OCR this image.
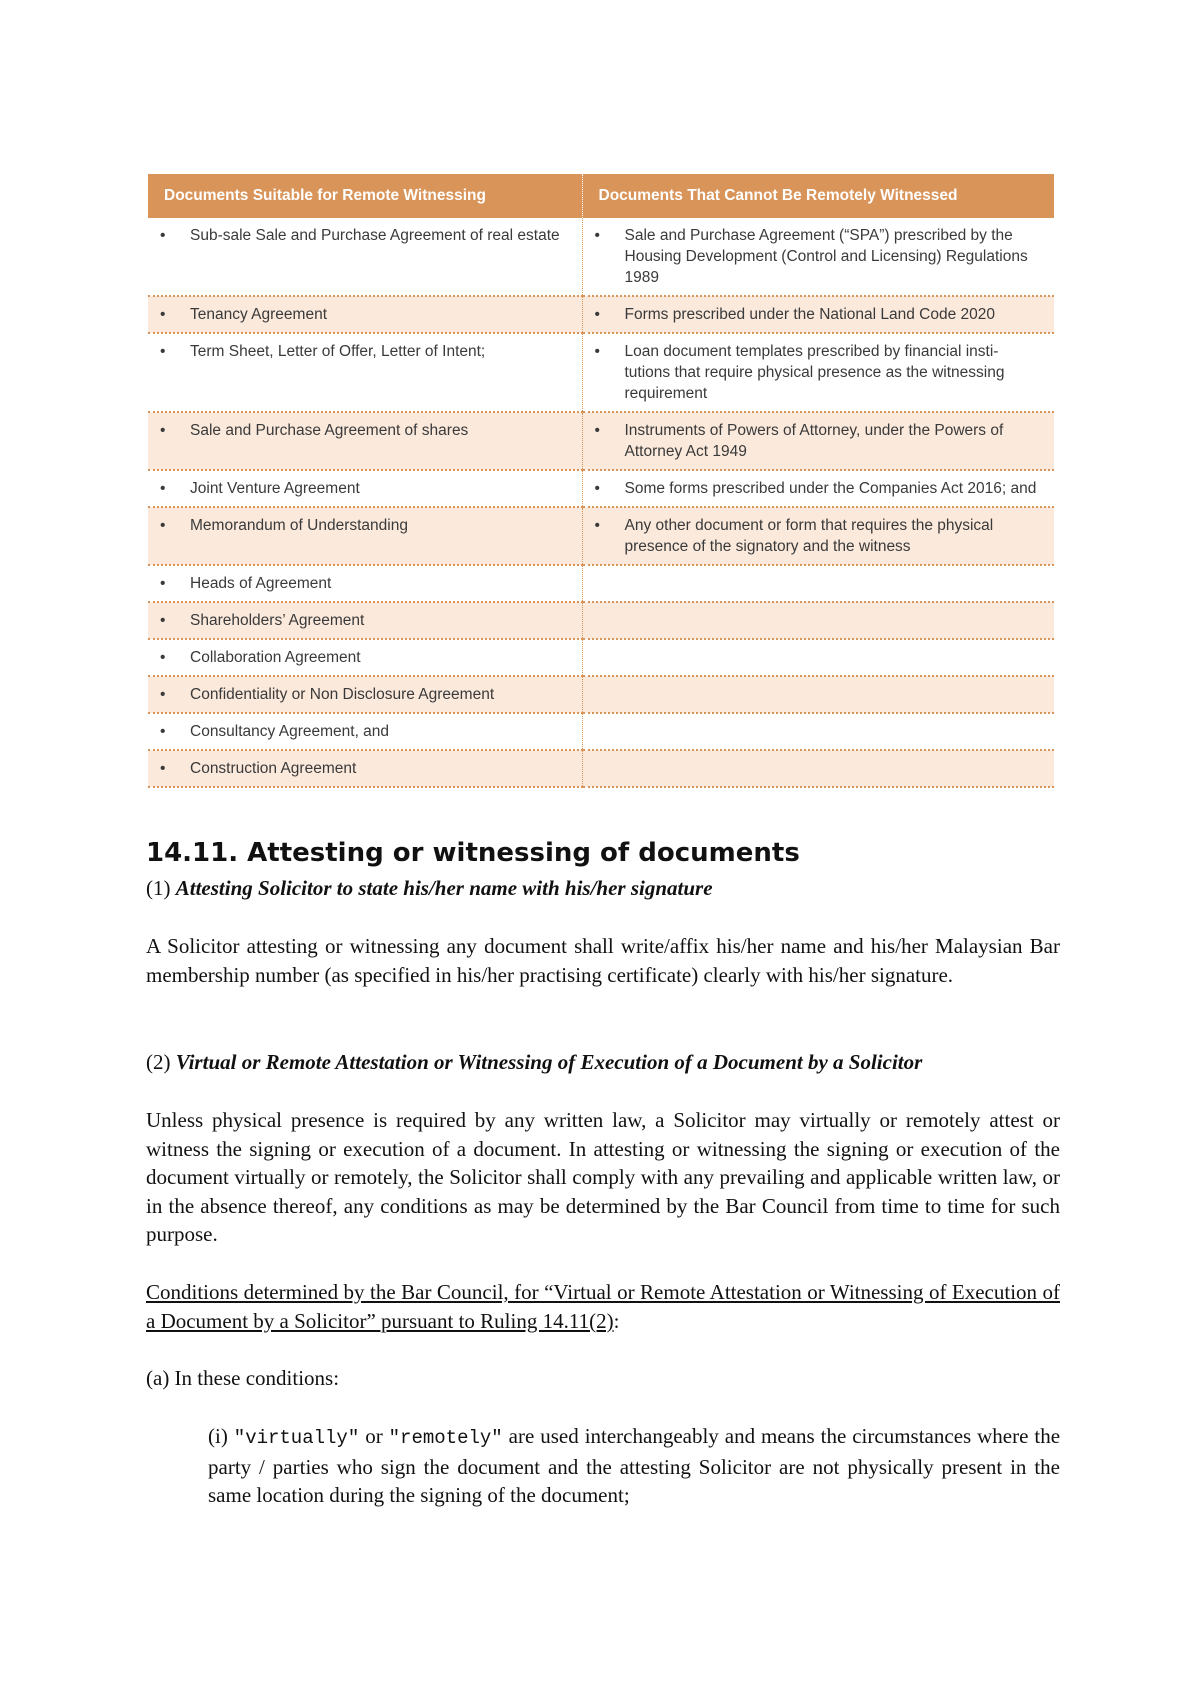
Documents Suitable for Remote Witnessing	Documents That Cannot Be Remotely Witnessed

• Sub-sale Sale and Purchase Agreement of real estate	• Sale and Purchase Agreement (“SPA”) prescribed by the Housing Development (Control and Licensing) Regulations 1989

• Tenancy Agreement	• Forms prescribed under the National Land Code 2020

• Term Sheet, Letter of Offer, Letter of Intent;	• Loan document templates prescribed by financial insti-tutions that require physical presence as the witnessing requirement

• Sale and Purchase Agreement of shares	• Instruments of Powers of Attorney, under the Powers of Attorney Act 1949

• Joint Venture Agreement	• Some forms prescribed under the Companies Act 2016; and

• Memorandum of Understanding	• Any other document or form that requires the physical presence of the signatory and the witness

• Heads of Agreement	

• Shareholders’ Agreement	

• Collaboration Agreement	

• Confidentiality or Non Disclosure Agreement	

• Consultancy Agreement, and	

• Construction Agreement	

14.11. Attesting or witnessing of documents

(1) Attesting Solicitor to state his/her name with his/her signature

A Solicitor attesting or witnessing any document shall write/affix his/her name and his/her Malaysian Bar membership number (as specified in his/her practising certificate) clearly with his/her signature.

(2) Virtual or Remote Attestation or Witnessing of Execution of a Document by a Solicitor

Unless physical presence is required by any written law, a Solicitor may virtually or remotely attest or witness the signing or execution of a document. In attesting or witnessing the signing or execution of the document virtually or remotely, the Solicitor shall comply with any prevailing and applicable written law, or in the absence thereof, any conditions as may be determined by the Bar Council from time to time for such purpose.

Conditions determined by the Bar Council, for “Virtual or Remote Attestation or Witnessing of Execution of a Document by a Solicitor” pursuant to Ruling 14.11(2):

(a) In these conditions:

(i) "virtually" or "remotely" are used interchangeably and means the circumstances where the party / parties who sign the document and the attesting Solicitor are not physically present in the same location during the signing of the document;
